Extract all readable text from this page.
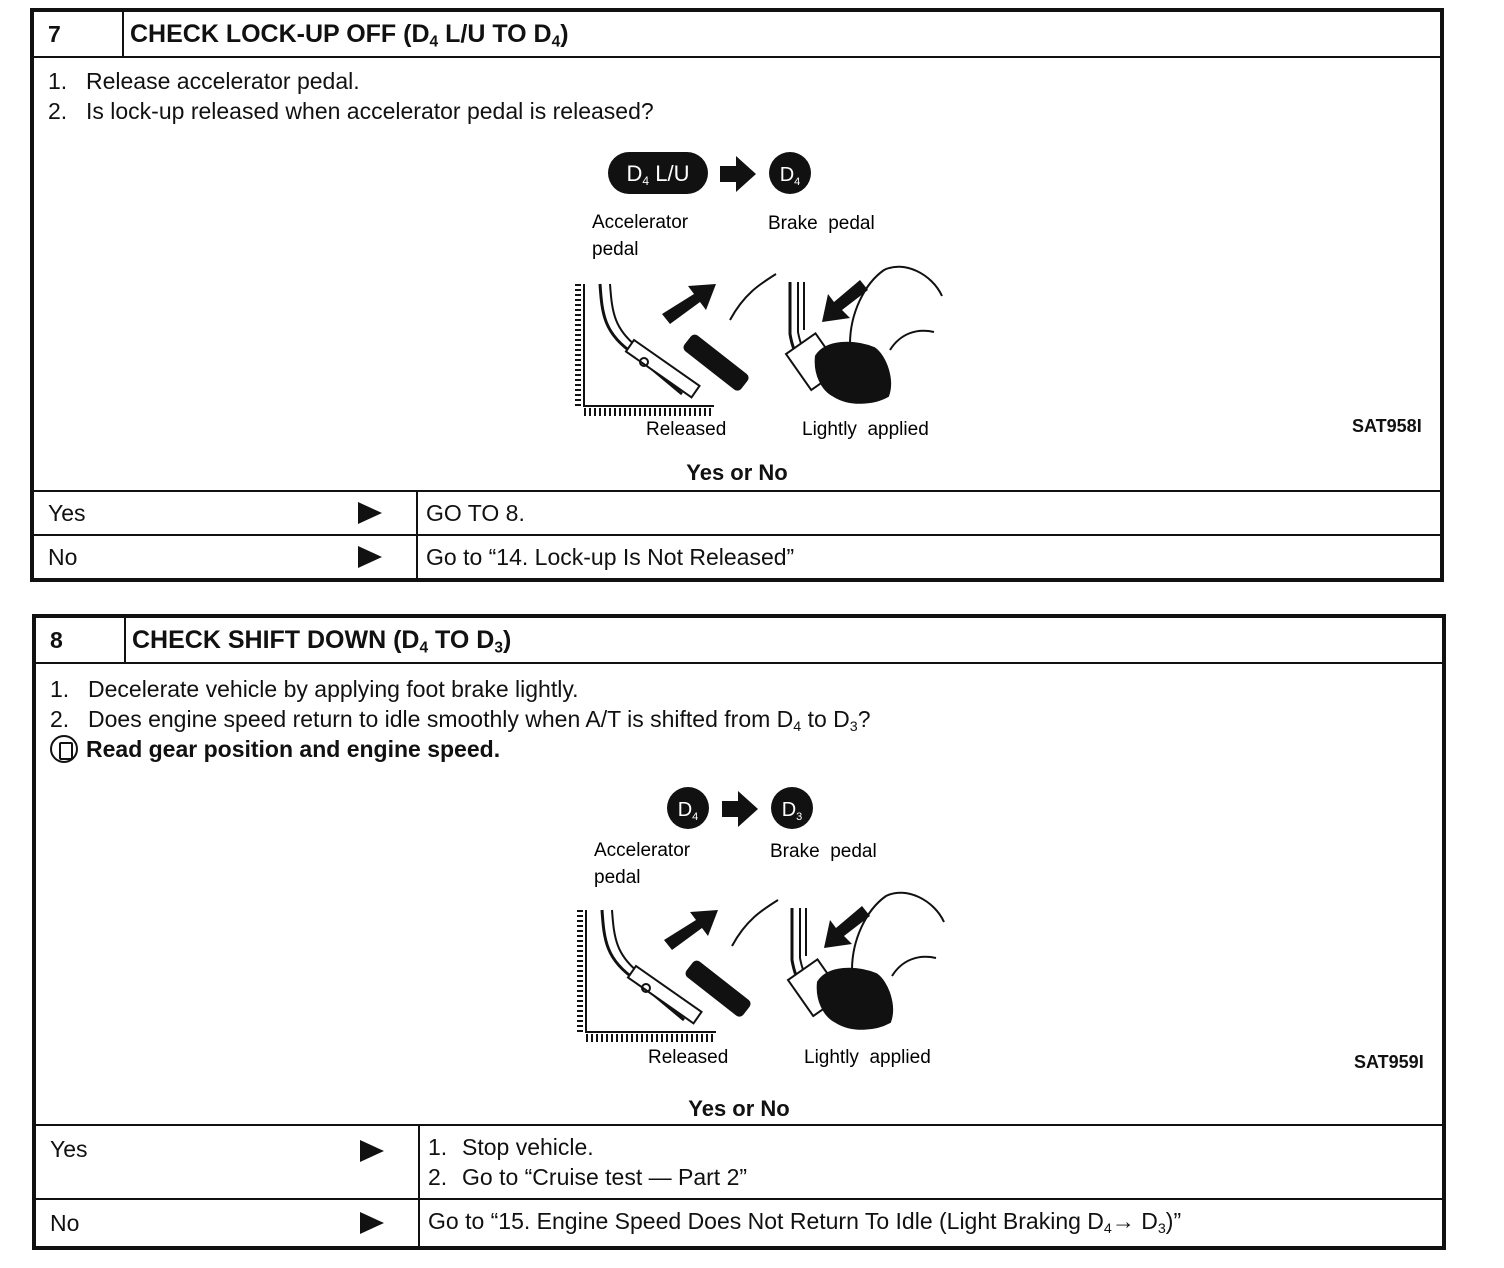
7	CHECK LOCK-UP OFF ($D_4$ L/U TO $D_4$)
1. Release accelerator pedal.
2. Is lock-up released when accelerator pedal is released?
D4 L/U	$D_4$
Accelerator
pedal
Brake  pedal
Released	Lightly  applied	SAT958I
Yes or No
Yes	GO TO 8.
No	Go to “14. Lock-up Is Not Released”
8	CHECK SHIFT DOWN ($D_4$ TO $D_3$)
1. Decelerate vehicle by applying foot brake lightly.
2. Does engine speed return to idle smoothly when A/T is shifted from $D_4$ to $D_3$?
Read gear position and engine speed.
$D_4$	$D_3$
Accelerator
pedal
Brake  pedal
Released	Lightly  applied	SAT959I
Yes or No
Yes	1. Stop vehicle.
2. Go to “Cruise test — Part 2”
No	Go to “15. Engine Speed Does Not Return To Idle (Light Braking $D_4\to D_3$)”
